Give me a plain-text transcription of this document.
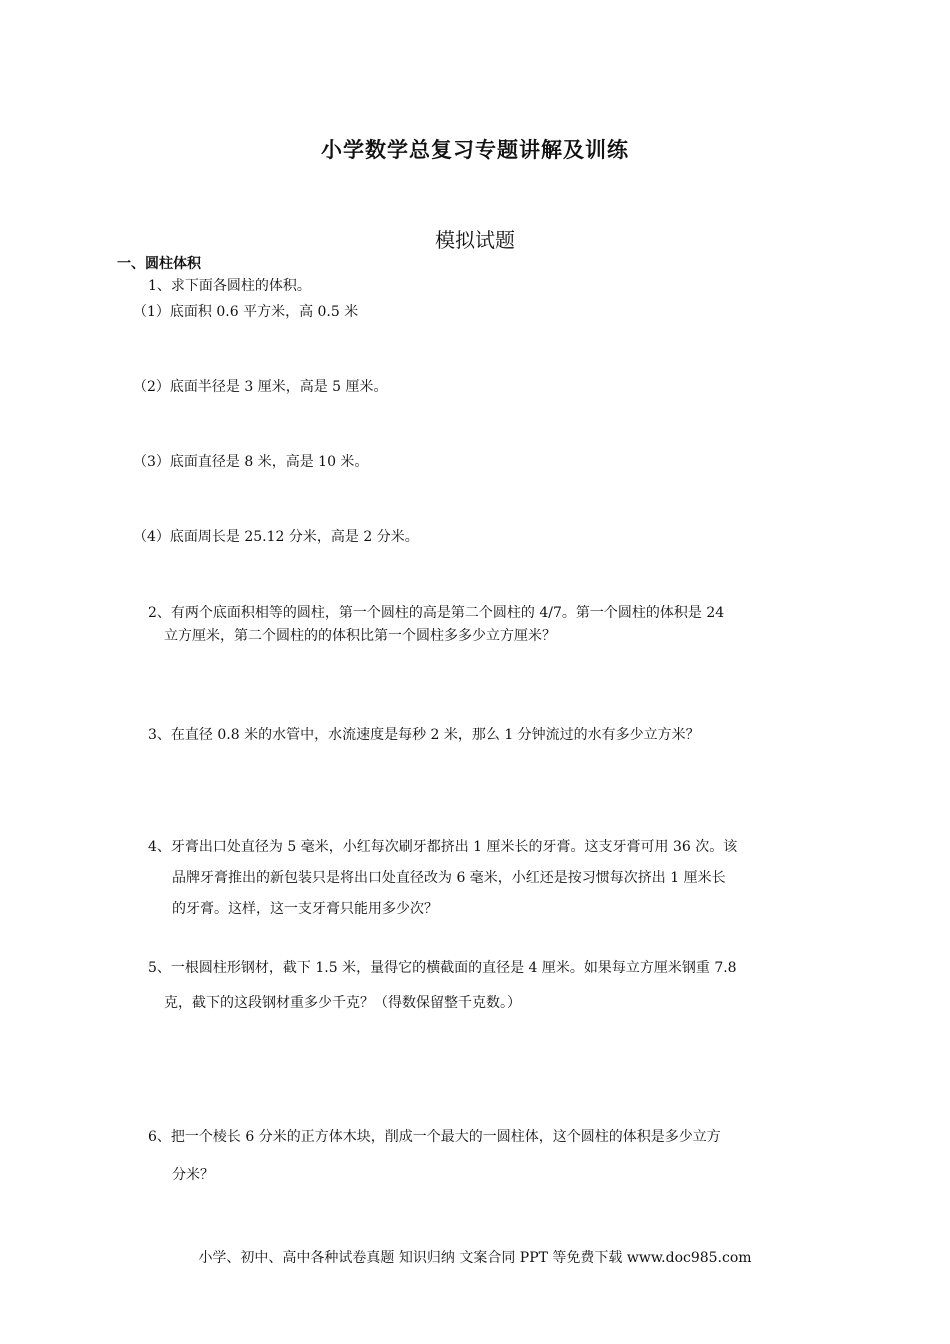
小学数学总复习专题讲解及训练
模拟试题
一、圆柱体积
1、求下面各圆柱的体积。
（1）底面积 0.6 平方米，高 0.5 米
（2）底面半径是 3 厘米，高是 5 厘米。
（3）底面直径是 8 米，高是 10 米。
（4）底面周长是 25.12 分米，高是 2 分米。
2、有两个底面积相等的圆柱，第一个圆柱的高是第二个圆柱的 4/7。第一个圆柱的体积是 24
立方厘米，第二个圆柱的的体积比第一个圆柱多多少立方厘米？
3、在直径 0.8 米的水管中，水流速度是每秒 2 米，那么 1 分钟流过的水有多少立方米？
4、牙膏出口处直径为 5 毫米，小红每次刷牙都挤出 1 厘米长的牙膏。这支牙膏可用 36 次。该
品牌牙膏推出的新包装只是将出口处直径改为 6 毫米，小红还是按习惯每次挤出 1 厘米长
的牙膏。这样，这一支牙膏只能用多少次？
5、一根圆柱形钢材，截下 1.5 米，量得它的横截面的直径是 4 厘米。如果每立方厘米钢重 7.8
克，截下的这段钢材重多少千克？（得数保留整千克数。）
6、把一个棱长 6 分米的正方体木块，削成一个最大的一圆柱体，这个圆柱的体积是多少立方
分米？
小学、初中、高中各种试卷真题 知识归纳 文案合同 PPT 等免费下载 www.doc985.com
